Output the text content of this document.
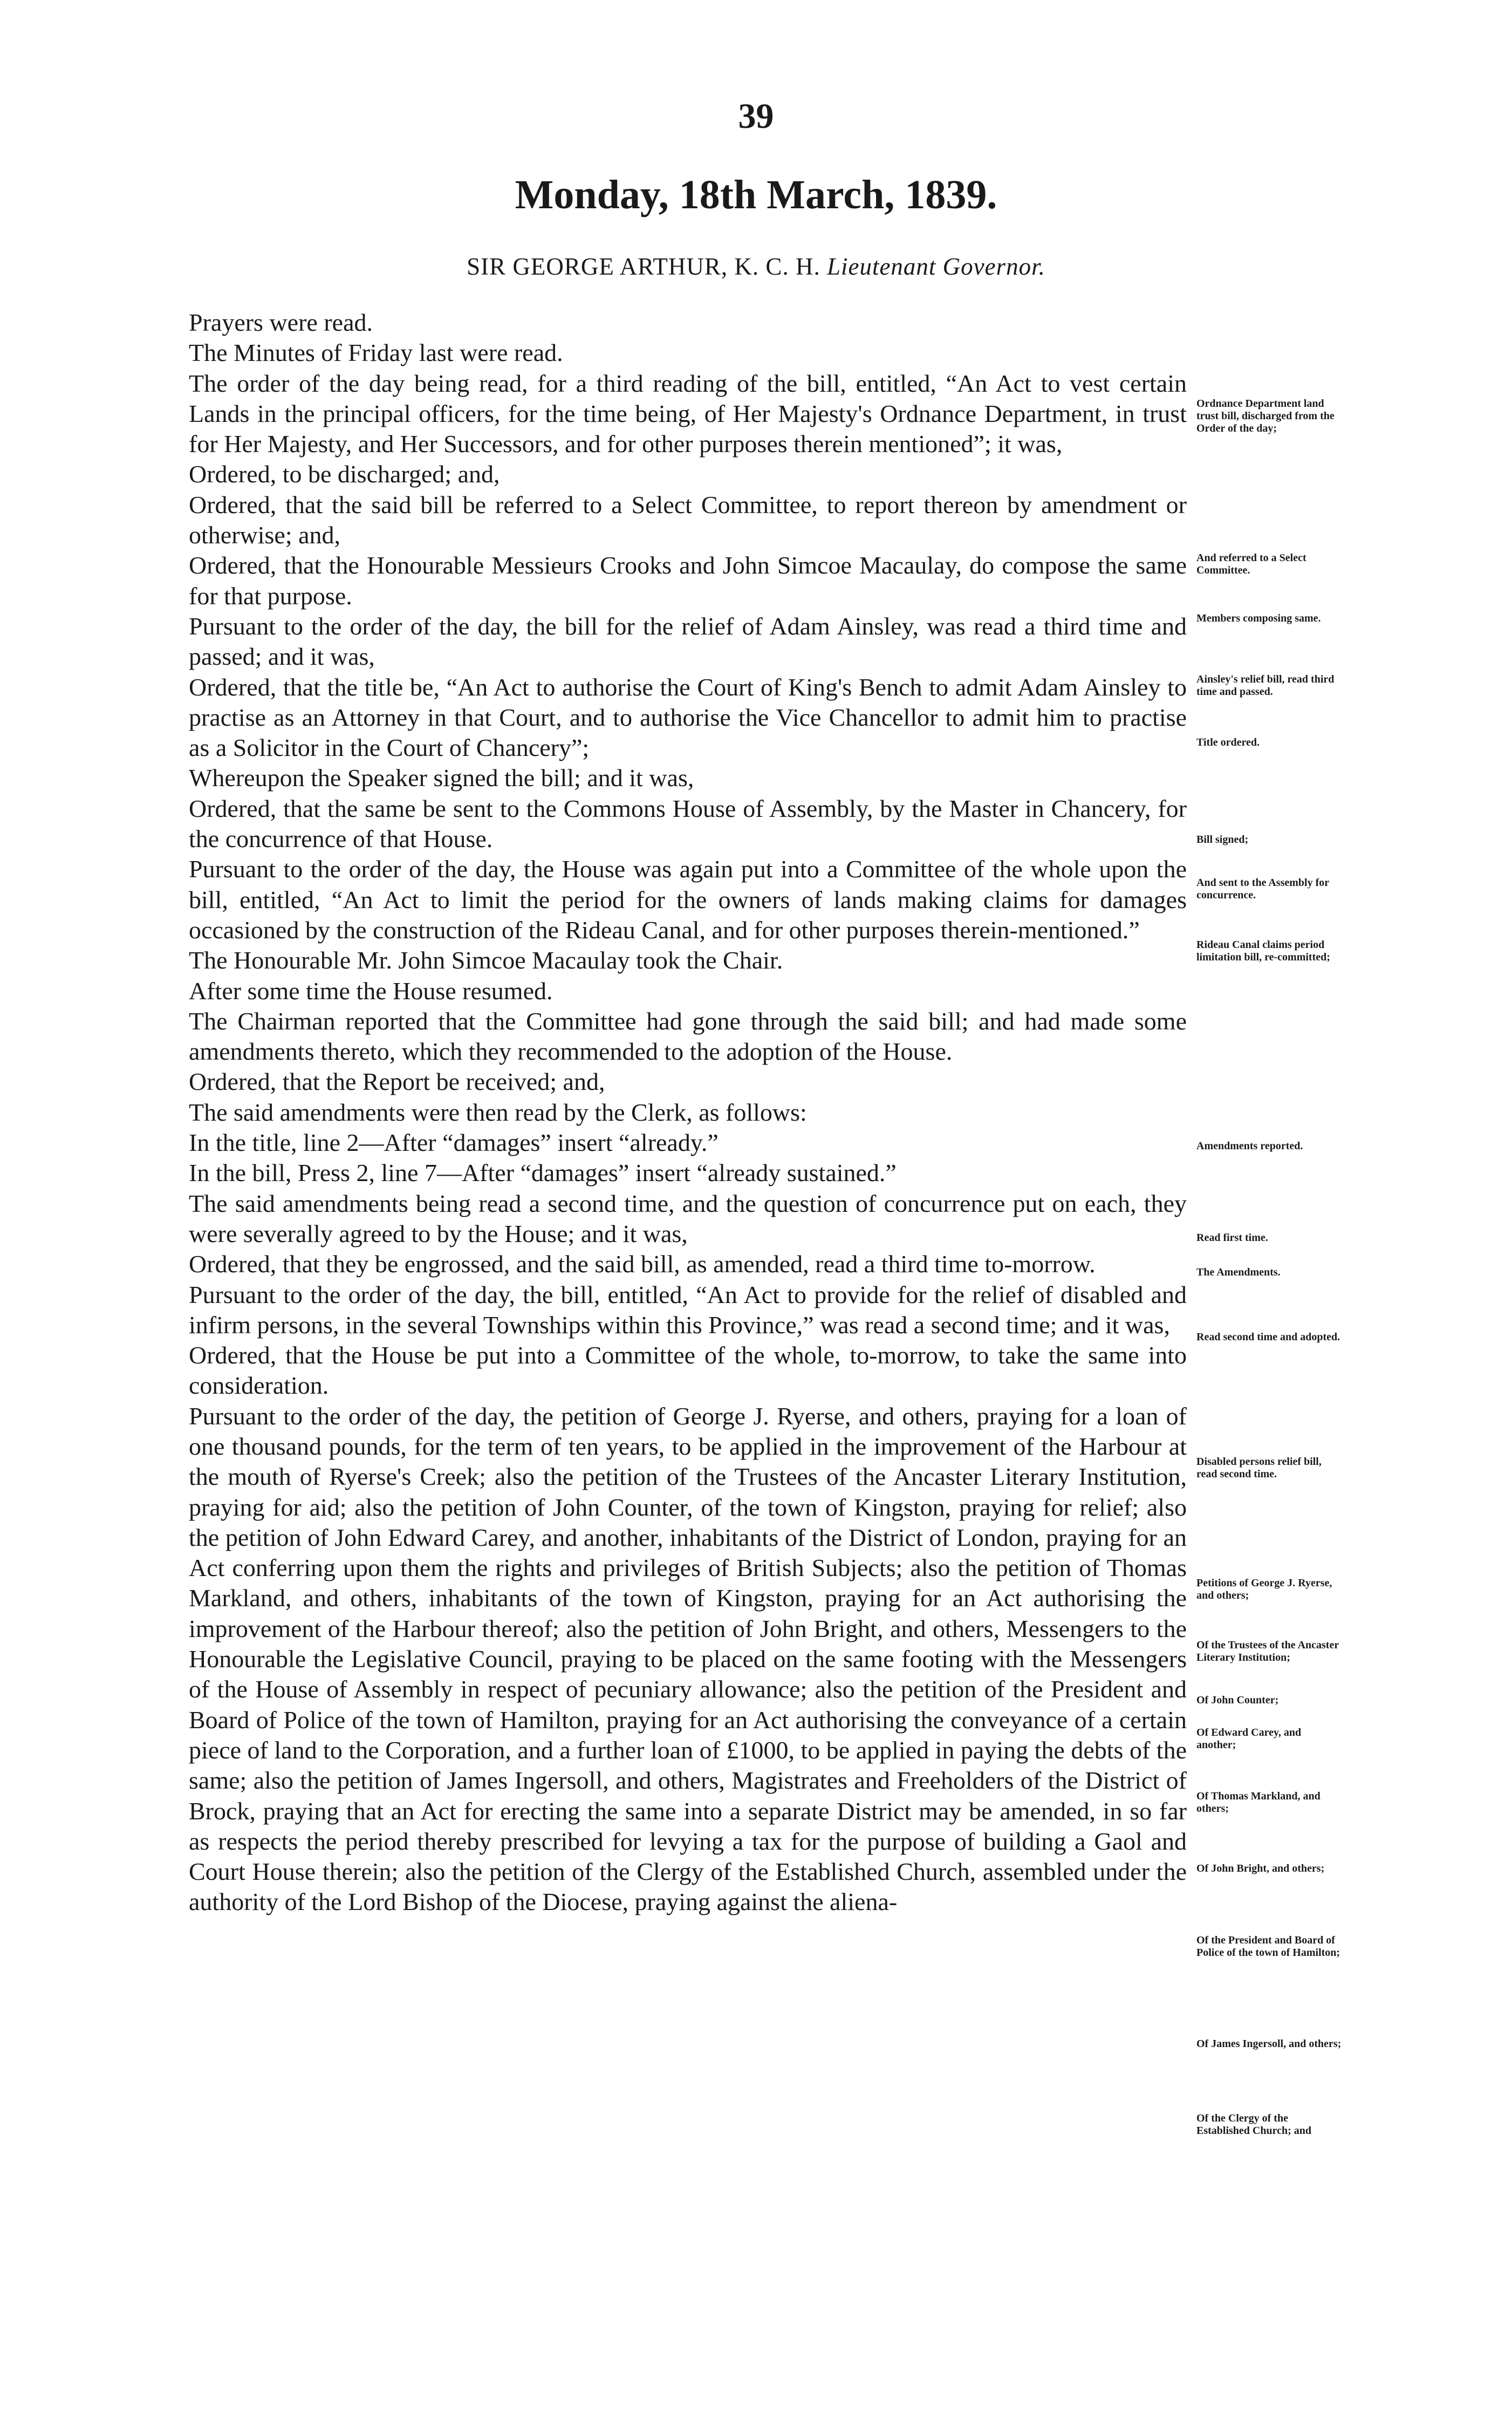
39
Monday, 18th March, 1839.
SIR GEORGE ARTHUR, K. C. H. Lieutenant Governor.

Prayers were read.

The Minutes of Friday last were read.

The order of the day being read, for a third reading of the bill, entitled, “An Act to vest certain Lands in the principal officers, for the time being, of Her Majesty's Ordnance Department, in trust for Her Majesty, and Her Successors, and for other purposes therein mentioned”; it was,

Ordered, to be discharged; and,

Ordered, that the said bill be referred to a Select Committee, to report thereon by amendment or otherwise; and,

Ordered, that the Honourable Messieurs Crooks and John Simcoe Macaulay, do compose the same for that purpose.

Pursuant to the order of the day, the bill for the relief of Adam Ainsley, was read a third time and passed; and it was,

Ordered, that the title be, “An Act to authorise the Court of King's Bench to admit Adam Ainsley to practise as an Attorney in that Court, and to authorise the Vice Chancellor to admit him to practise as a Solicitor in the Court of Chancery”;

Whereupon the Speaker signed the bill; and it was,

Ordered, that the same be sent to the Commons House of Assembly, by the Master in Chancery, for the concurrence of that House.

Pursuant to the order of the day, the House was again put into a Committee of the whole upon the bill, entitled, “An Act to limit the period for the owners of lands making claims for damages occasioned by the construction of the Rideau Canal, and for other purposes therein-mentioned.”

The Honourable Mr. John Simcoe Macaulay took the Chair.

After some time the House resumed.

The Chairman reported that the Committee had gone through the said bill; and had made some amendments thereto, which they recommended to the adoption of the House.

Ordered, that the Report be received; and,

The said amendments were then read by the Clerk, as follows:

In the title, line 2—After “damages” insert “already.”

In the bill, Press 2, line 7—After “damages” insert “already sustained.”

The said amendments being read a second time, and the question of concurrence put on each, they were severally agreed to by the House; and it was,

Ordered, that they be engrossed, and the said bill, as amended, read a third time to-morrow.

Pursuant to the order of the day, the bill, entitled, “An Act to provide for the relief of disabled and infirm persons, in the several Townships within this Province,” was read a second time; and it was,

Ordered, that the House be put into a Committee of the whole, to-morrow, to take the same into consideration.

Pursuant to the order of the day, the petition of George J. Ryerse, and others, praying for a loan of one thousand pounds, for the term of ten years, to be applied in the improvement of the Harbour at the mouth of Ryerse's Creek; also the petition of the Trustees of the Ancaster Literary Institution, praying for aid; also the petition of John Counter, of the town of Kingston, praying for relief; also the petition of John Edward Carey, and another, inhabitants of the District of London, praying for an Act conferring upon them the rights and privileges of British Subjects; also the petition of Thomas Markland, and others, inhabitants of the town of Kingston, praying for an Act authorising the improvement of the Harbour thereof; also the petition of John Bright, and others, Messengers to the Honourable the Legislative Council, praying to be placed on the same footing with the Messengers of the House of Assembly in respect of pecuniary allowance; also the petition of the President and Board of Police of the town of Hamilton, praying for an Act authorising the conveyance of a certain piece of land to the Corporation, and a further loan of £1000, to be applied in paying the debts of the same; also the petition of James Ingersoll, and others, Magistrates and Freeholders of the District of Brock, praying that an Act for erecting the same into a separate District may be amended, in so far as respects the period thereby prescribed for levying a tax for the purpose of building a Gaol and Court House therein; also the petition of the Clergy of the Established Church, assembled under the authority of the Lord Bishop of the Diocese, praying against the aliena-

Ordnance Department land trust bill, discharged from the Order of the day;
And referred to a Select Committee.
Members composing same.
Ainsley's relief bill, read third time and passed.
Title ordered.
Bill signed;
And sent to the Assembly for concurrence.
Rideau Canal claims period limitation bill, re-committed;
Amendments reported.
Read first time.
The Amendments.
Read second time and adopted.
Disabled persons relief bill, read second time.
Petitions of George J. Ryerse, and others;
Of the Trustees of the Ancaster Literary Institution;
Of John Counter;
Of Edward Carey, and another;
Of Thomas Markland, and others;
Of John Bright, and others;
Of the President and Board of Police of the town of Hamilton;
Of James Ingersoll, and others;
Of the Clergy of the Established Church; and
